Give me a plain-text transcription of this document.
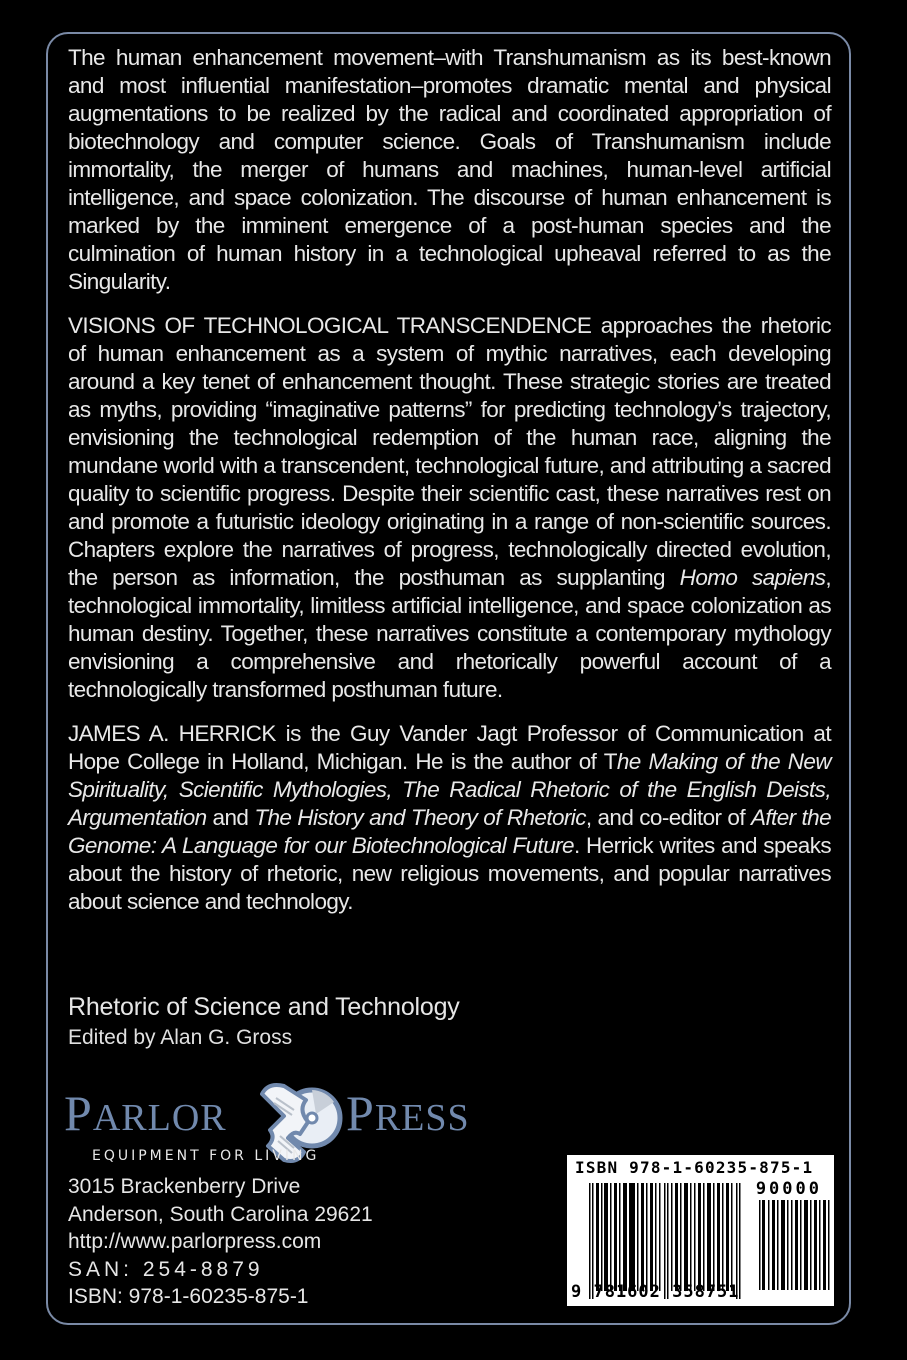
The human enhancement movement–with Transhumanism as its best-known and most influential manifestation–promotes dramatic mental and physical augmentations to be realized by the radical and coordinated appropriation of biotechnology and computer science. Goals of Transhumanism include immortality, the merger of humans and machines, human-level artificial intelligence, and space colonization. The discourse of human enhancement is marked by the imminent emergence of a post-human species and the culmination of human history in a technological upheaval referred to as the Singularity.

VISIONS OF TECHNOLOGICAL TRANSCENDENCE approaches the rhetoric of human enhancement as a system of mythic narratives, each developing around a key tenet of enhancement thought. These strategic stories are treated as myths, providing “imaginative patterns” for predicting technology’s trajectory, envisioning the technological redemption of the human race, aligning the mundane world with a transcendent, technological future, and attributing a sacred quality to scientific progress. Despite their scientific cast, these narratives rest on and promote a futuristic ideology originating in a range of non-scientific sources. Chapters explore the narratives of progress, technologically directed evolution, the person as information, the posthuman as supplanting Homo sapiens, technological immortality, limitless artificial intelligence, and space colonization as human destiny. Together, these narratives constitute a contemporary mythology envisioning a comprehensive and rhetorically powerful account of a technologically transformed posthuman future.

JAMES A. HERRICK is the Guy Vander Jagt Professor of Communication at Hope College in Holland, Michigan. He is the author of The Making of the New Spirituality, Scientific Mythologies, The Radical Rhetoric of the English Deists, Argumentation and The History and Theory of Rhetoric, and co-editor of After the Genome: A Language for our Biotechnological Future. Herrick writes and speaks about the history of rhetoric, new religious movements, and popular narratives about science and technology.

Rhetoric of Science and Technology
Edited by Alan G. Gross
PARLOR PRESS
EQUIPMENT FOR LIVING
3015 Brackenberry Drive
Anderson, South Carolina 29621
http://www.parlorpress.com
SAN: 254-8879
ISBN: 978-1-60235-875-1
ISBN 978-1-60235-875-1
90000
9 781602 358751
